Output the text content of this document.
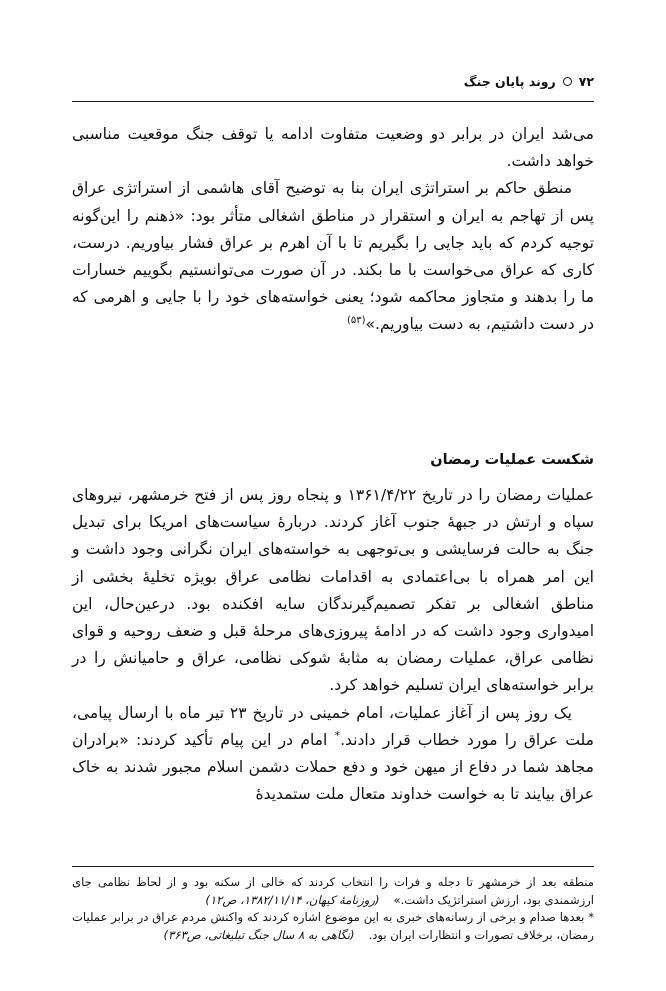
۷۲
روند پایان جنگ

می‌شد ایران در برابر دو وضعیت متفاوت ادامه یا توقف جنگ موقعیت مناسبی خواهد داشت.

منطق حاکم بر استراتژی ایران بنا به توضیح آقای هاشمی از استراتژی عراق پس از تهاجم به ایران و استقرار در مناطق اشغالی متأثر بود: «ذهنم را این‌گونه توجیه کردم که باید جایی را بگیریم تا با آن اهرم بر عراق فشار بیاوریم. درست، کاری که عراق می‌خواست با ما بکند. در آن صورت می‌توانستیم بگوییم خسارات ما را بدهند و متجاوز محاکمه شود؛ یعنی خواسته‌های خود را با جایی و اهرمی که در دست داشتیم، به دست بیاوریم.»$^{(۵۳)}$

شکست عملیات رمضان

عملیات رمضان را در تاریخ ۱۳۶۱/۴/۲۲ و پنجاه روز پس از فتح خرمشهر، نیروهای سپاه و ارتش در جبههٔ جنوب آغاز کردند. دربارهٔ سیاست‌های امریکا برای تبدیل جنگ به حالت فرسایشی و بی‌توجهی به خواسته‌های ایران نگرانی وجود داشت و این امر همراه با بی‌اعتمادی به اقدامات نظامی عراق بویژه تخلیهٔ بخشی از مناطق اشغالی بر تفکر تصمیم‌گیرندگان سایه افکنده بود. درعین‌حال، این امیدواری وجود داشت که در ادامهٔ پیروزی‌های مرحلهٔ قبل و ضعف روحیه و قوای نظامی عراق، عملیات رمضان به مثابهٔ شوکی نظامی، عراق و حامیانش را در برابر خواسته‌های ایران تسلیم خواهد کرد.

یک روز پس از آغاز عملیات، امام خمینی در تاریخ ۲۳ تیر ماه با ارسال پیامی، ملت عراق را مورد خطاب قرار دادند.* امام در این پیام تأکید کردند: «برادران مجاهد شما در دفاع از میهن خود و دفع حملات دشمن اسلام مجبور شدند به خاک عراق بیایند تا به خواست خداوند متعال ملت ستمدیدهٔ

منطقه بعد از خرمشهر تا دجله و فرات را انتخاب کردند که خالی از سکنه بود و از لحاظ نظامی جای ارزشمندی بود، ارزش استراتژیک داشت.»(روزنامهٔ کیهان، ۱۳۸۲/۱۱/۱۴، ص۱۲)

* بعدها صدام و برخی از رسانه‌های خبری به این موضوع اشاره کردند که واکنش مردم عراق در برابر عملیات رمضان، برخلاف تصورات و انتظارات ایران بود.(نگاهی به ۸ سال جنگ تبلیغاتی، ص۳۶۳)
